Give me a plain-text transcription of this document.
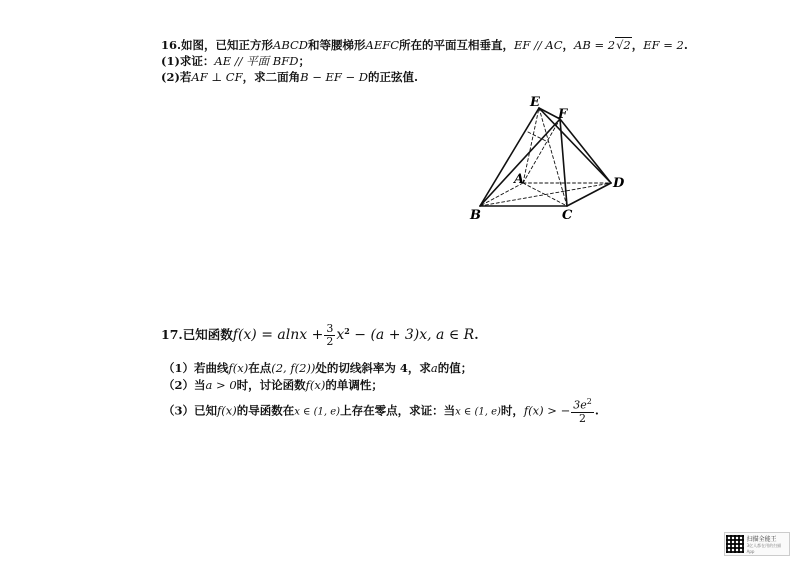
16.如图，已知正方形ABCD和等腰梯形AEFC所在的平面互相垂直，EF // AC，AB = 2√2，EF = 2.
(1)求证：AE // 平面 BFD；
(2)若AF ⊥ CF，求二面角B − EF − D的正弦值.
E
F
A
B	C
D
17.已知函数$f(x) = alnx + \frac{3}{2} x^2 - (a + 3)x$, a ∈ R.
（1）若曲线f(x)在点(2, f(2))处的切线斜率为 4，求a的值；
（2）当a > 0时，讨论函数f(x)的单调性；
（3）已知f(x)的导函数在x ∈ (1, e)上存在零点，求证：当x ∈ (1, e)时，f(x) > − $\frac{3e^2}{2}$ .
扫描全能王
3亿人都在用的扫描App
